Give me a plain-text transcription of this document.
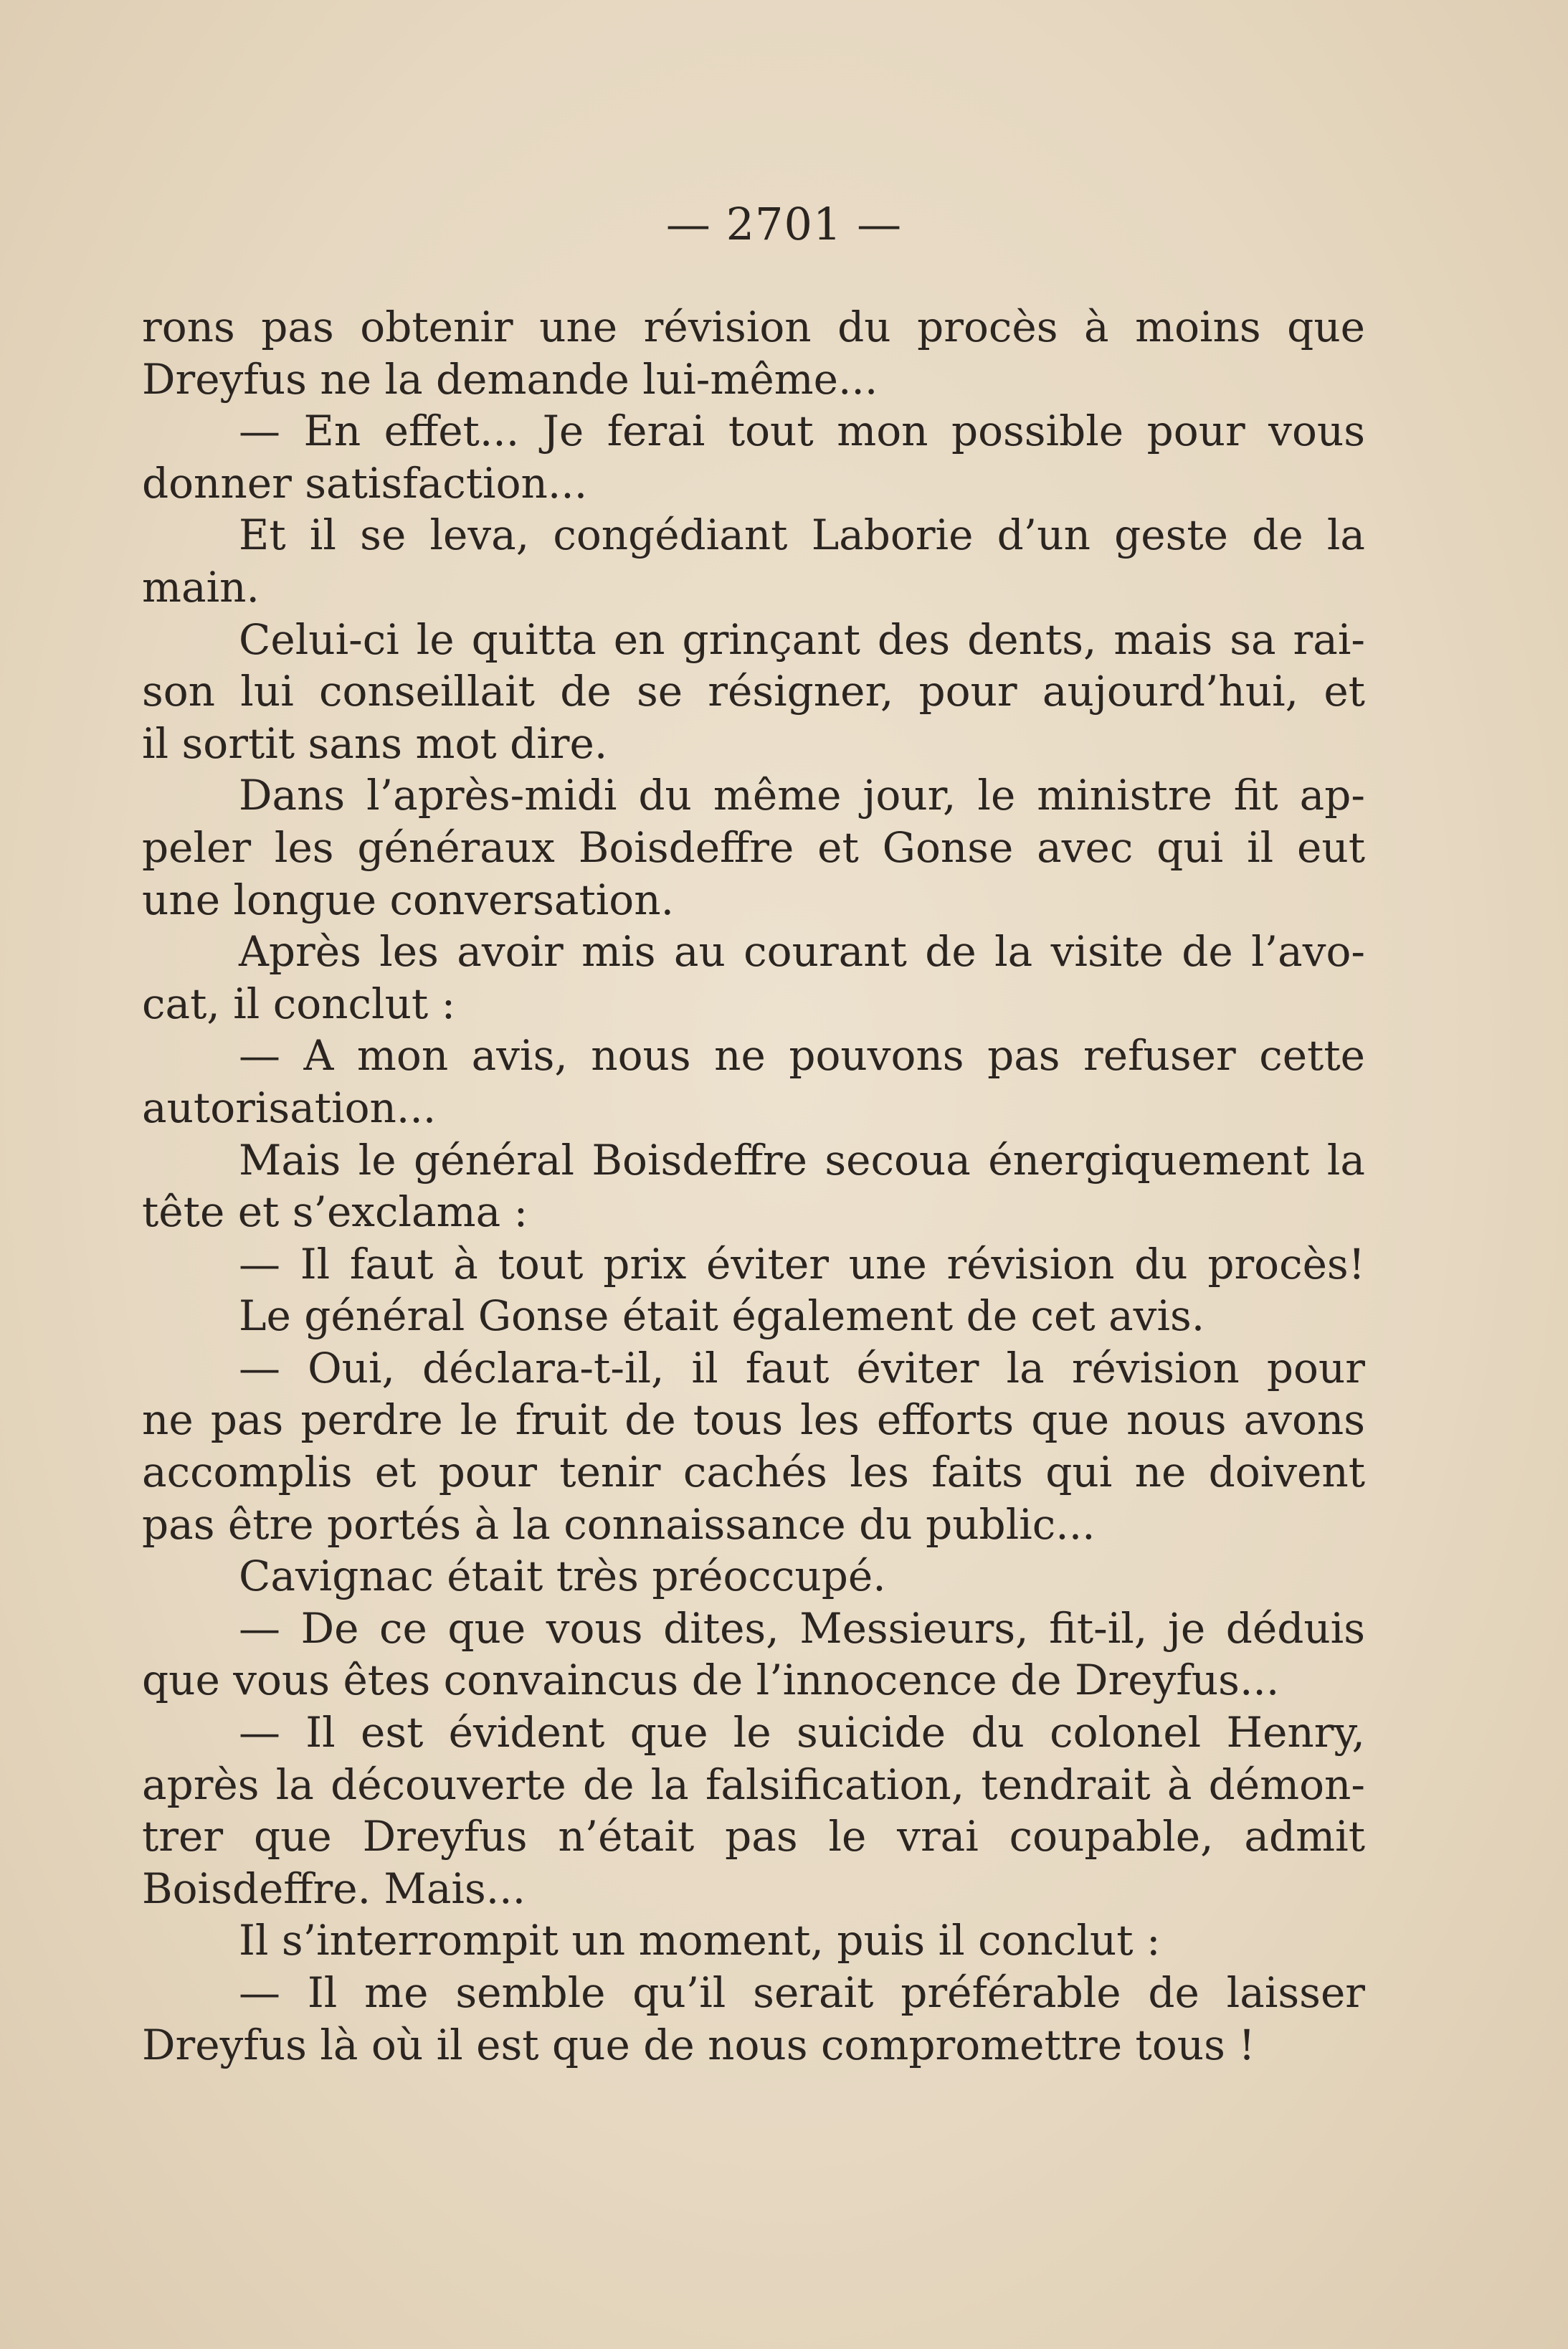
— 2701 —
rons pas obtenir une révision du procès à moins que
Dreyfus ne la demande lui-même...
— En effet... Je ferai tout mon possible pour vous
donner satisfaction...
Et il se leva, congédiant Laborie d’un geste de la
main.
Celui-ci le quitta en grinçant des dents, mais sa rai-
son lui conseillait de se résigner, pour aujourd’hui, et
il sortit sans mot dire.
Dans l’après-midi du même jour, le ministre fit ap-
peler les généraux Boisdeffre et Gonse avec qui il eut
une longue conversation.
Après les avoir mis au courant de la visite de l’avo-
cat, il conclut :
— A mon avis, nous ne pouvons pas refuser cette
autorisation...
Mais le général Boisdeffre secoua énergiquement la
tête et s’exclama :
— Il faut à tout prix éviter une révision du procès!
Le général Gonse était également de cet avis.
— Oui, déclara-t-il, il faut éviter la révision pour
ne pas perdre le fruit de tous les efforts que nous avons
accomplis et pour tenir cachés les faits qui ne doivent
pas être portés à la connaissance du public...
Cavignac était très préoccupé.
— De ce que vous dites, Messieurs, fit-il, je déduis
que vous êtes convaincus de l’innocence de Dreyfus...
— Il est évident que le suicide du colonel Henry,
après la découverte de la falsification, tendrait à démon-
trer que Dreyfus n’était pas le vrai coupable, admit
Boisdeffre. Mais...
Il s’interrompit un moment, puis il conclut :
— Il me semble qu’il serait préférable de laisser
Dreyfus là où il est que de nous compromettre tous !
